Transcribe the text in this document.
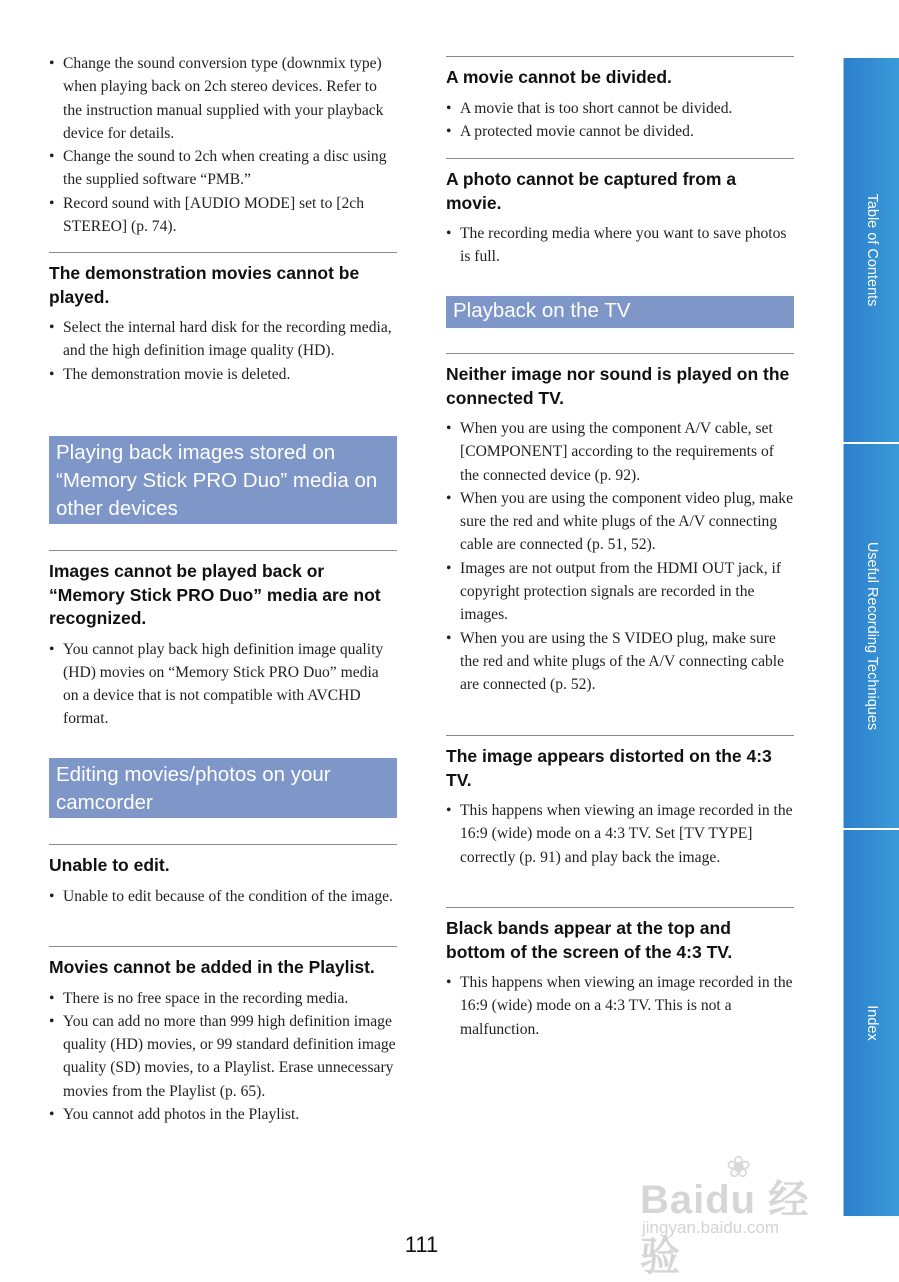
• Change the sound conversion type (downmix type) when playing back on 2ch stereo devices. Refer to the instruction manual supplied with your playback device for details.
• Change the sound to 2ch when creating a disc using the supplied software “PMB.”
• Record sound with [AUDIO MODE] set to [2ch STEREO] (p. 74).
The demonstration movies cannot be played.
• Select the internal hard disk for the recording media, and the high definition image quality (HD).
• The demonstration movie is deleted.
Playing back images stored on “Memory Stick PRO Duo” media on other devices
Images cannot be played back or “Memory Stick PRO Duo” media are not recognized.
• You cannot play back high definition image quality (HD) movies on “Memory Stick PRO Duo” media on a device that is not compatible with AVCHD format.
Editing movies/photos on your camcorder
Unable to edit.
• Unable to edit because of the condition of the image.
Movies cannot be added in the Playlist.
• There is no free space in the recording media.
• You can add no more than 999 high definition image quality (HD) movies, or 99 standard definition image quality (SD) movies, to a Playlist. Erase unnecessary movies from the Playlist (p. 65).
• You cannot add photos in the Playlist.
A movie cannot be divided.
• A movie that is too short cannot be divided.
• A protected movie cannot be divided.
A photo cannot be captured from a movie.
• The recording media where you want to save photos is full.
Playback on the TV
Neither image nor sound is played on the connected TV.
• When you are using the component A/V cable, set [COMPONENT] according to the requirements of the connected device (p. 92).
• When you are using the component video plug, make sure the red and white plugs of the A/V connecting cable are connected (p. 51, 52).
• Images are not output from the HDMI OUT jack, if copyright protection signals are recorded in the images.
• When you are using the S VIDEO plug, make sure the red and white plugs of the A/V connecting cable are connected (p. 52).
The image appears distorted on the 4:3 TV.
• This happens when viewing an image recorded in the 16:9 (wide) mode on a 4:3 TV. Set [TV TYPE] correctly (p. 91) and play back the image.
Black bands appear at the top and bottom of the screen of the 4:3 TV.
• This happens when viewing an image recorded in the 16:9 (wide) mode on a 4:3 TV. This is not a malfunction.
Table of Contents
Useful Recording Techniques
Index
❀
Baidu 经验
jingyan.baidu.com
111
